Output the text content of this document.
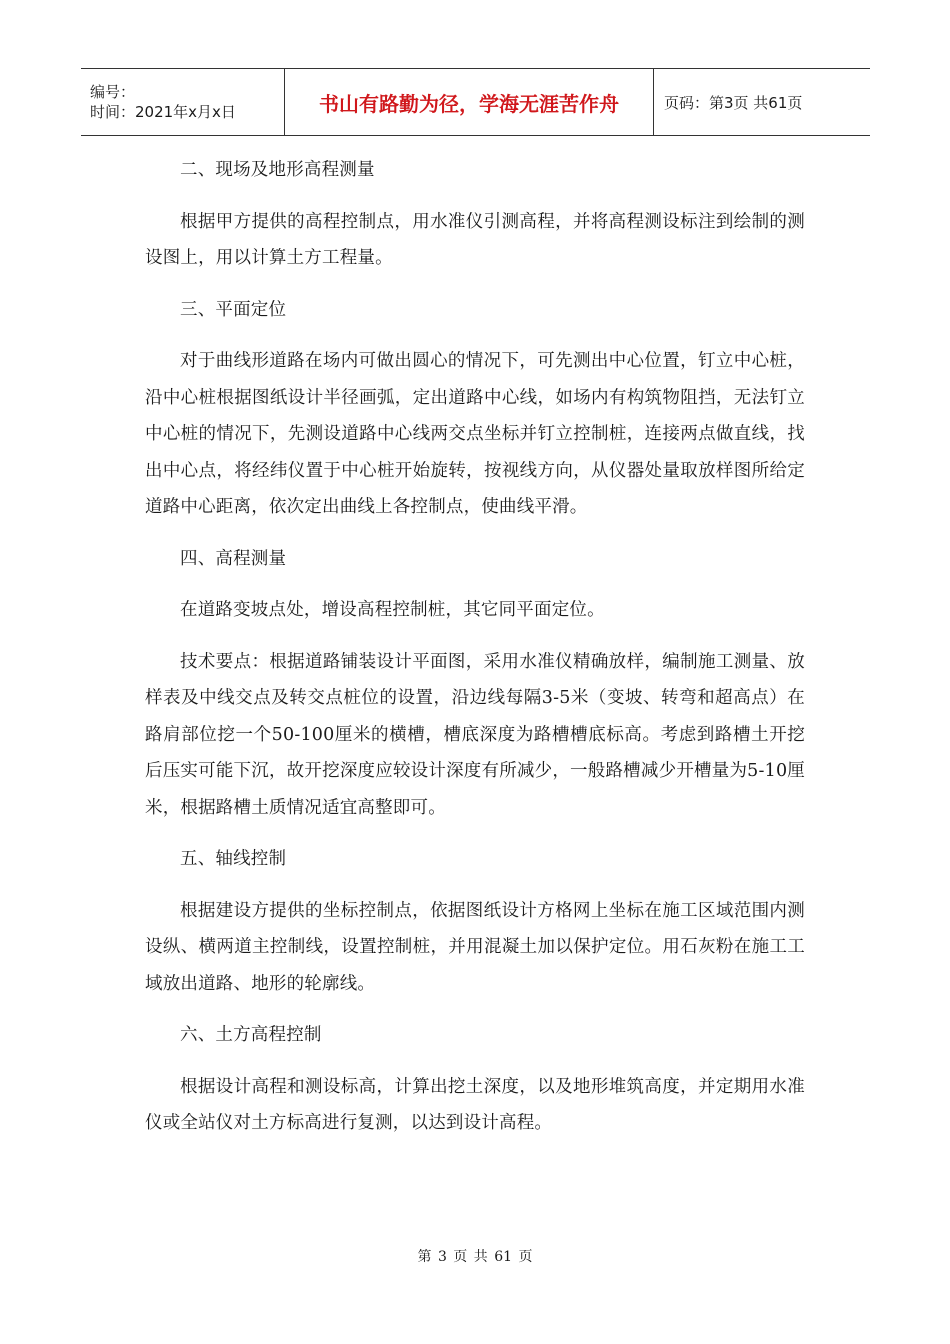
编号：
时间：2021年x月x日	书山有路勤为径，学海无涯苦作舟	页码：第3页 共61页

二、现场及地形高程测量

根据甲方提供的高程控制点，用水准仪引测高程，并将高程测设标注到绘制的测设图上，用以计算土方工程量。

三、平面定位

对于曲线形道路在场内可做出圆心的情况下，可先测出中心位置，钉立中心桩，沿中心桩根据图纸设计半径画弧，定出道路中心线，如场内有构筑物阻挡，无法钉立中心桩的情况下，先测设道路中心线两交点坐标并钉立控制桩，连接两点做直线，找出中心点，将经纬仪置于中心桩开始旋转，按视线方向，从仪器处量取放样图所给定道路中心距离，依次定出曲线上各控制点，使曲线平滑。

四、高程测量

在道路变坡点处，增设高程控制桩，其它同平面定位。

技术要点：根据道路铺装设计平面图，采用水准仪精确放样，编制施工测量、放样表及中线交点及转交点桩位的设置，沿边线每隔3-5米（变坡、转弯和超高点）在路肩部位挖一个50-100厘米的横槽，槽底深度为路槽槽底标高。考虑到路槽土开挖后压实可能下沉，故开挖深度应较设计深度有所减少，一般路槽减少开槽量为5-10厘米，根据路槽土质情况适宜高整即可。

五、轴线控制

根据建设方提供的坐标控制点，依据图纸设计方格网上坐标在施工区域范围内测设纵、横两道主控制线，设置控制桩，并用混凝土加以保护定位。用石灰粉在施工工域放出道路、地形的轮廓线。

六、土方高程控制

根据设计高程和测设标高，计算出挖土深度，以及地形堆筑高度，并定期用水准仪或全站仪对土方标高进行复测，以达到设计高程。

第 3 页 共 61 页
